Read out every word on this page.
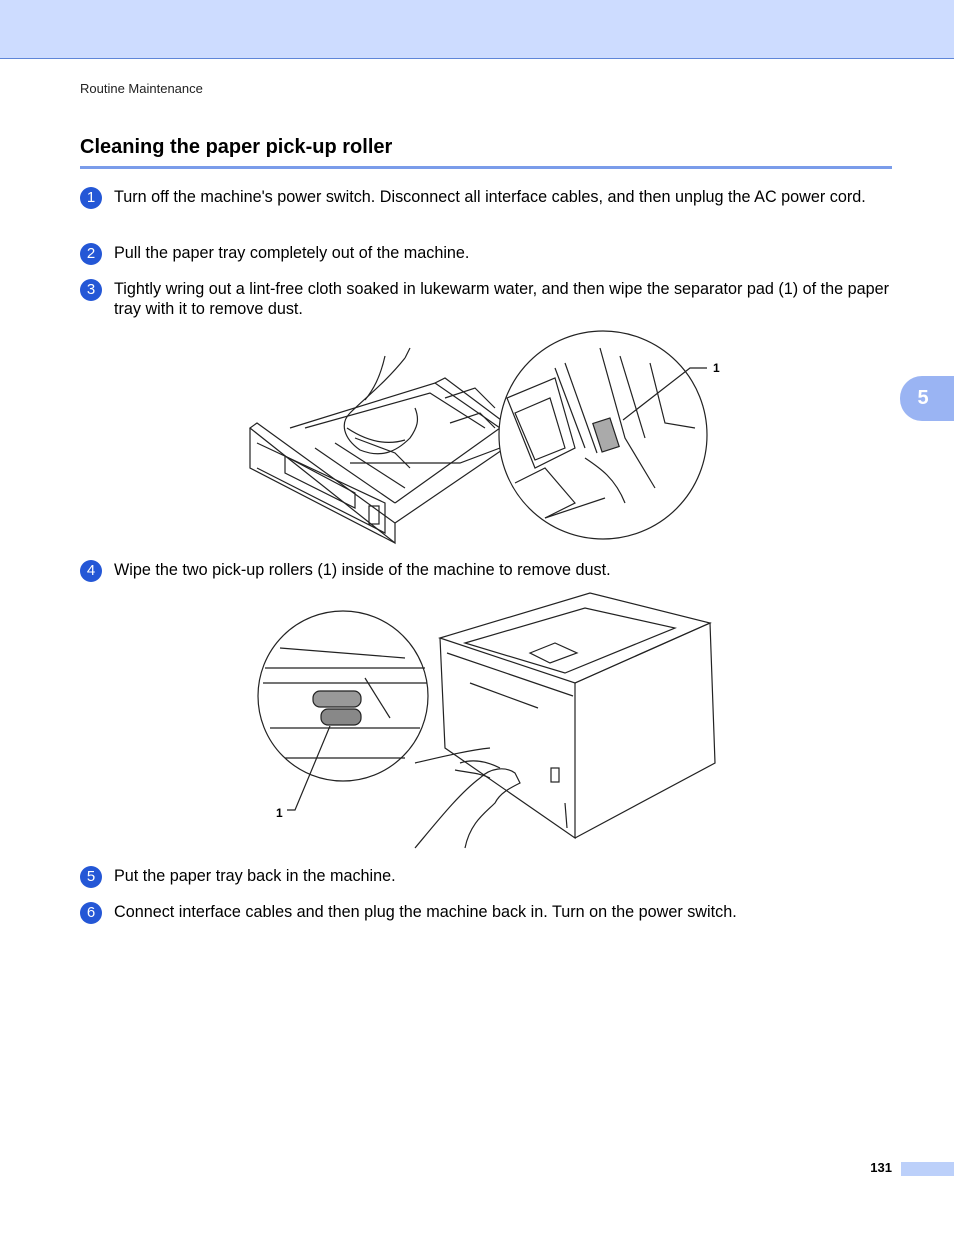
Routine Maintenance
Cleaning the paper pick-up roller
5
1	Turn off the machine's power switch. Disconnect all interface cables, and then unplug the AC power cord.
2	Pull the paper tray completely out of the machine.
3	Tightly wring out a lint-free cloth soaked in lukewarm water, and then wipe the separator pad (1) of the paper tray with it to remove dust.
1
4	Wipe the two pick-up rollers (1) inside of the machine to remove dust.
1
5	Put the paper tray back in the machine.
6	Connect interface cables and then plug the machine back in. Turn on the power switch.
131
